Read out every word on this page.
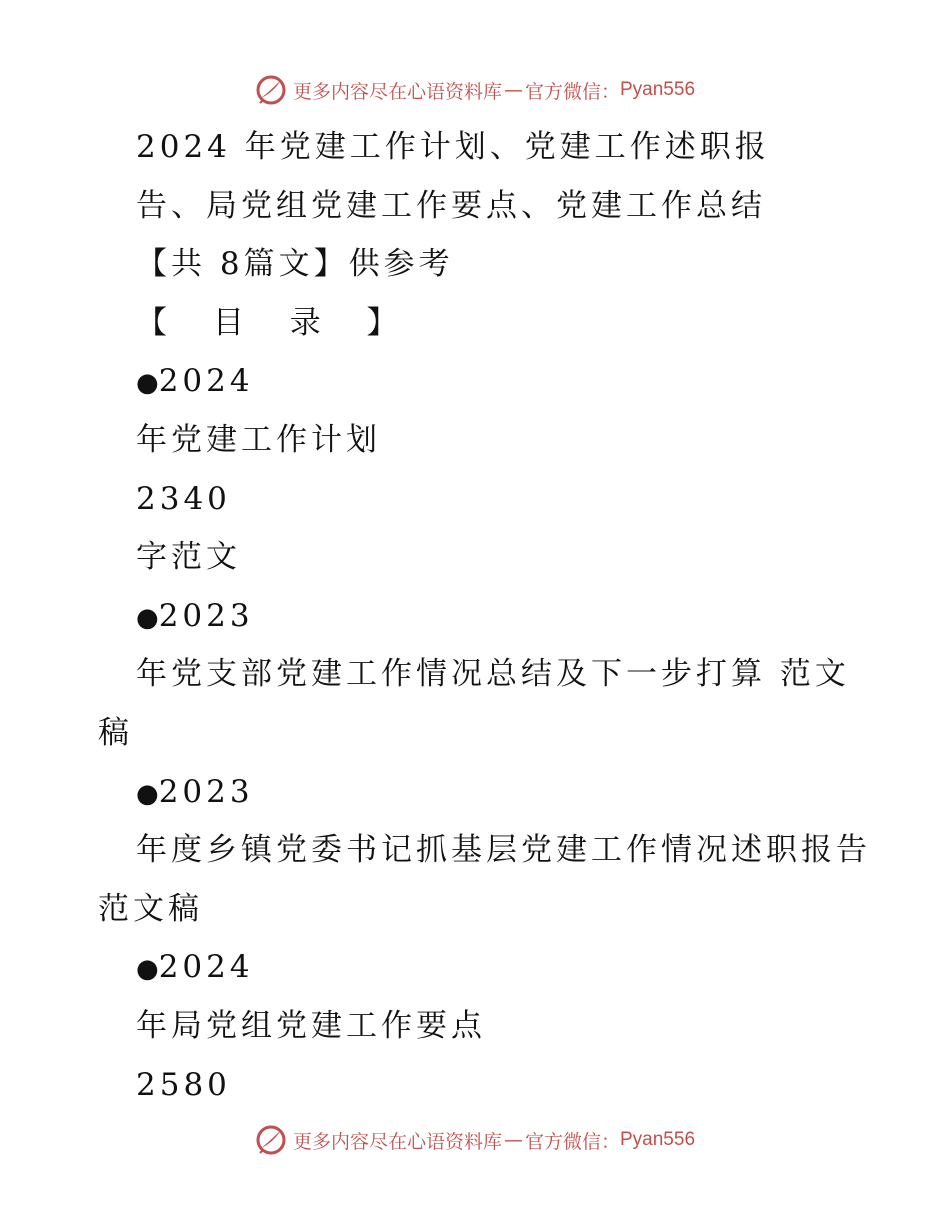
更多内容尽在心语资料库 — 官方微信： Pyan556
2024 年党建工作计划、党建工作述职报
告、局党组党建工作要点、党建工作总结
【共 8篇文】供参考
【 目 录 】
●2024
年党建工作计划
2340
字范文
●2023
年党支部党建工作情况总结及下一步打算 范文
稿
●2023
年度乡镇党委书记抓基层党建工作情况述职报告
范文稿
●2024
年局党组党建工作要点
2580
更多内容尽在心语资料库 — 官方微信： Pyan556
